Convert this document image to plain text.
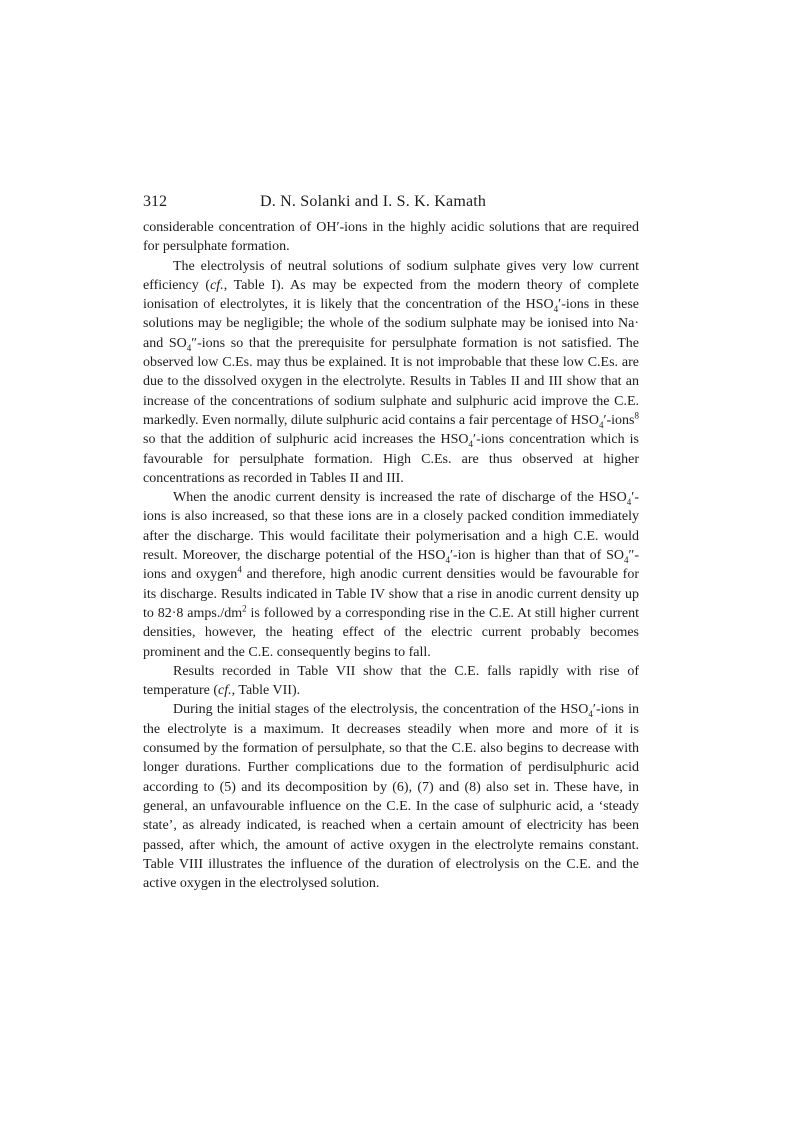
312	D. N. Solanki and I. S. K. Kamath

considerable concentration of OH′-ions in the highly acidic solutions that are required for persulphate formation.

The electrolysis of neutral solutions of sodium sulphate gives very low current efficiency (cf., Table I). As may be expected from the modern theory of complete ionisation of electrolytes, it is likely that the concentration of the $HSO_4'$-ions in these solutions may be negligible; the whole of the sodium sulphate may be ionised into Na· and $SO_4''$-ions so that the prerequisite for persulphate formation is not satisfied. The observed low C.Es. may thus be explained. It is not improbable that these low C.Es. are due to the dissolved oxygen in the electrolyte. Results in Tables II and III show that an increase of the concentrations of sodium sulphate and sulphuric acid improve the C.E. markedly. Even normally, dilute sulphuric acid contains a fair percentage of $HSO_4'-ions^8$ so that the addition of sulphuric acid increases the $HSO_4'$-ions concentration which is favourable for persulphate formation. High C.Es. are thus observed at higher concentrations as recorded in Tables II and III.

When the anodic current density is increased the rate of discharge of the $HSO_4'$-ions is also increased, so that these ions are in a closely packed condition immediately after the discharge. This would facilitate their polymerisation and a high C.E. would result. Moreover, the discharge potential of the $HSO_4'$-ion is higher than that of $SO_4''$-ions and oxygen$^4$ and therefore, high anodic current densities would be favourable for its discharge. Results indicated in Table IV show that a rise in anodic current density up to 82·8 $amps./dm^2$ is followed by a corresponding rise in the C.E. At still higher current densities, however, the heating effect of the electric current probably becomes prominent and the C.E. consequently begins to fall.

Results recorded in Table VII show that the C.E. falls rapidly with rise of temperature (cf., Table VII).

During the initial stages of the electrolysis, the concentration of the $HSO_4'$-ions in the electrolyte is a maximum. It decreases steadily when more and more of it is consumed by the formation of persulphate, so that the C.E. also begins to decrease with longer durations. Further complications due to the formation of perdisulphuric acid according to (5) and its decomposition by (6), (7) and (8) also set in. These have, in general, an unfavourable influence on the C.E. In the case of sulphuric acid, a ‘steady state’, as already indicated, is reached when a certain amount of electricity has been passed, after which, the amount of active oxygen in the electrolyte remains constant. Table VIII illustrates the influence of the duration of electrolysis on the C.E. and the active oxygen in the electrolysed solution.
